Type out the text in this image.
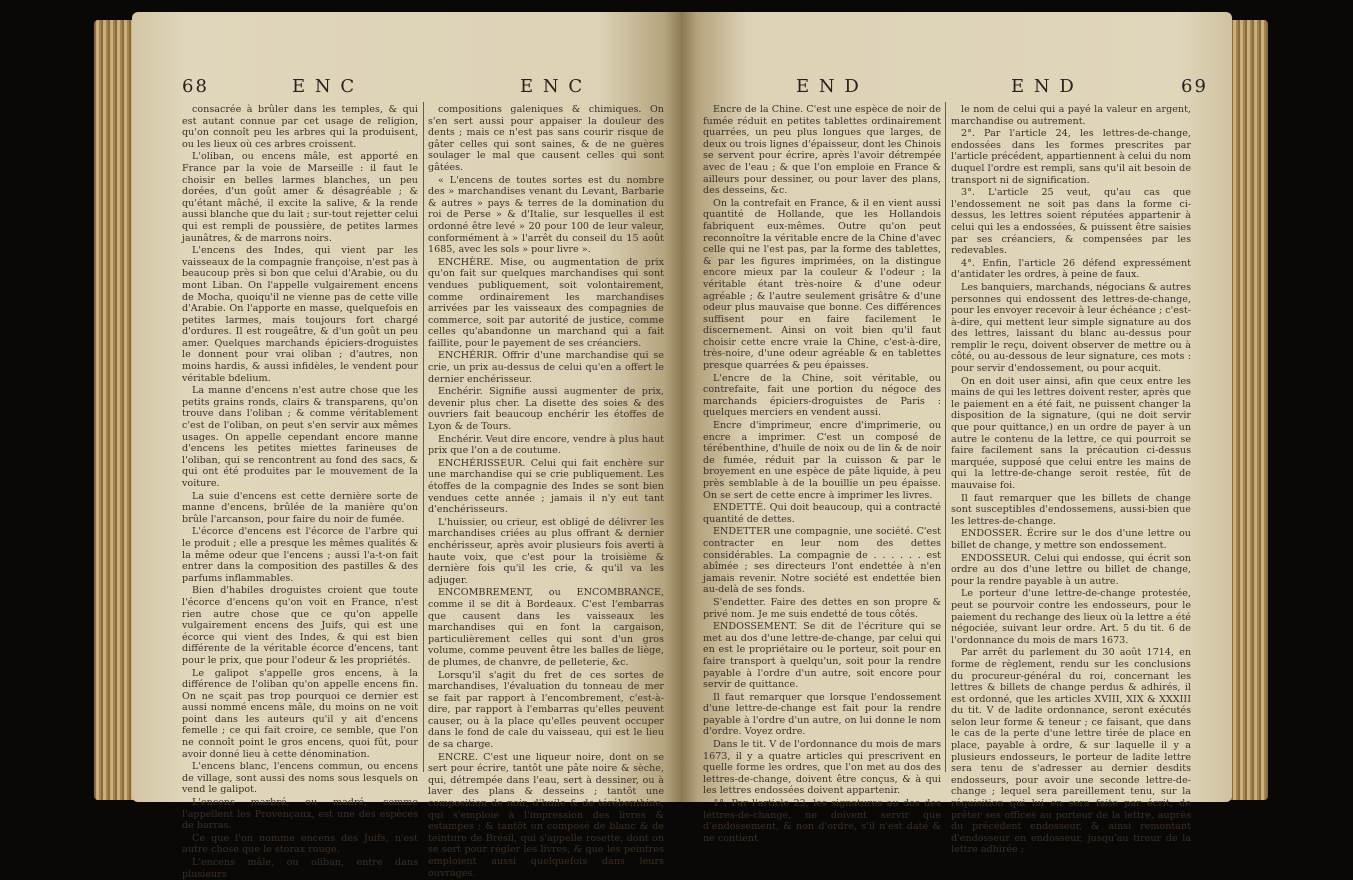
68	E N C	E N C

consacrée à brûler dans les temples, & qui est autant connue par cet usage de religion, qu'on connoît peu les arbres qui la produisent, ou les lieux où ces arbres croissent.

L'oliban, ou encens mâle, est apporté en France par la voie de Marseille : il faut le choisir en belles larmes blanches, un peu dorées, d'un goût amer & désagréable ; & qu'étant mâché, il excite la salive, & la rende aussi blanche que du lait ; sur-tout rejetter celui qui est rempli de poussière, de petites larmes jaunâtres, & de marrons noirs.

L'encens des Indes, qui vient par les vaisseaux de la compagnie françoise, n'est pas à beaucoup près si bon que celui d'Arabie, ou du mont Liban. On l'appelle vulgairement encens de Mocha, quoiqu'il ne vienne pas de cette ville d'Arabie. On l'apporte en masse, quelquefois en petites larmes, mais toujours fort chargé d'ordures. Il est rougeâtre, & d'un goût un peu amer. Quelques marchands épiciers-droguistes le donnent pour vrai oliban ; d'autres, non moins hardis, & aussi infidèles, le vendent pour véritable bdelium.

La manne d'encens n'est autre chose que les petits grains ronds, clairs & transparens, qu'on trouve dans l'oliban ; & comme véritablement c'est de l'oliban, on peut s'en servir aux mêmes usages. On appelle cependant encore manne d'encens les petites miettes farineuses de l'oliban, qui se rencontrent au fond des sacs, & qui ont été produites par le mouvement de la voiture.

La suie d'encens est cette dernière sorte de manne d'encens, brûlée de la manière qu'on brûle l'arcanson, pour faire du noir de fumée.

L'écorce d'encens est l'écorce de l'arbre qui le produit ; elle a presque les mêmes qualités & la même odeur que l'encens ; aussi l'a-t-on fait entrer dans la composition des pastilles & des parfums inflammables.

Bien d'habiles droguistes croient que toute l'écorce d'encens qu'on voit en France, n'est rien autre chose que ce qu'on appelle vulgairement encens des Juifs, qui est une écorce qui vient des Indes, & qui est bien différente de la véritable écorce d'encens, tant pour le prix, que pour l'odeur & les propriétés.

Le galipot s'appelle gros encens, à la différence de l'oliban qu'on appelle encens fin. On ne sçait pas trop pourquoi ce dernier est aussi nommé encens mâle, du moins on ne voit point dans les auteurs qu'il y ait d'encens femelle ; ce qui fait croire, ce semble, que l'on ne connoît point le gros encens, quoi fût, pour avoir donné lieu à cette dénomination.

L'encens blanc, l'encens commun, ou encens de village, sont aussi des noms sous lesquels on vend le galipot.

L'encens marbré, ou madré, comme l'appellent les Provençaux, est une des espèces de barras.

Ce que l'on nomme encens des Juifs, n'est autre chose que le storax rouge.

L'encens mâle, ou oliban, entre dans plusieurs

compositions galeniques & chimiques. On s'en sert aussi pour appaiser la douleur des dents ; mais ce n'est pas sans courir risque de gâter celles qui sont saines, & de ne guères soulager le mal que causent celles qui sont gâtées.

« L'encens de toutes sortes est du nombre des » marchandises venant du Levant, Barbarie & autres » pays & terres de la domination du roi de Perse » & d'Italie, sur lesquelles il est ordonné être levé » 20 pour 100 de leur valeur, conformément à » l'arrêt du conseil du 15 août 1685, avec les sols » pour livre ».

ENCHÈRE. Mise, ou augmentation de prix qu'on fait sur quelques marchandises qui sont vendues publiquement, soit volontairement, comme ordinairement les marchandises arrivées par les vaisseaux des compagnies de commerce, soit par autorité de justice, comme celles qu'abandonne un marchand qui a fait faillite, pour le payement de ses créanciers.

ENCHÉRIR. Offrir d'une marchandise qui se crie, un prix au-dessus de celui qu'en a offert le dernier enchérisseur.

Enchérir. Signifie aussi augmenter de prix, devenir plus cher. La disette des soies & des ouvriers fait beaucoup enchérir les étoffes de Lyon & de Tours.

Enchérir. Veut dire encore, vendre à plus haut prix que l'on a de coutume.

ENCHÉRISSEUR. Celui qui fait enchère sur une marchandise qui se crie publiquement. Les étoffes de la compagnie des Indes se sont bien vendues cette année ; jamais il n'y eut tant d'enchérisseurs.

L'huissier, ou crieur, est obligé de délivrer les marchandises criées au plus offrant & dernier enchérisseur, après avoir plusieurs fois averti à haute voix, que c'est pour la troisième & dernière fois qu'il les crie, & qu'il va les adjuger.

ENCOMBREMENT, ou ENCOMBRANCE, comme il se dit à Bordeaux. C'est l'embarras que causent dans les vaisseaux les marchandises qui en font la cargaison, particulièrement celles qui sont d'un gros volume, comme peuvent être les balles de liège, de plumes, de chanvre, de pelleterie, &c.

Lorsqu'il s'agit du fret de ces sortes de marchandises, l'évaluation du tonneau de mer se fait par rapport à l'encombrement, c'est-à-dire, par rapport à l'embarras qu'elles peuvent causer, ou à la place qu'elles peuvent occuper dans le fond de cale du vaisseau, qui est le lieu de sa charge.

ENCRE. C'est une liqueur noire, dont on se sert pour écrire, tantôt une pâte noire & sèche, qui, détrempée dans l'eau, sert à dessiner, ou à laver des plans & desseins ; tantôt une composition de noir, d'huile & de térébenthine, qui s'emploie à l'impression des livres & estampes ; & tantôt un composé de blanc & de teinture de Brésil, qui s'appelle rosette, dont on se sert pour régler les livres, & que les peintres emploient aussi quelquefois dans leurs ouvrages.

E N D	E N D	69

Encre de la Chine. C'est une espèce de noir de fumée réduit en petites tablettes ordinairement quarrées, un peu plus longues que larges, de deux ou trois lignes d'épaisseur, dont les Chinois se servent pour écrire, après l'avoir détrempée avec de l'eau ; & que l'on emploie en France & ailleurs pour dessiner, ou pour laver des plans, des desseins, &c.

On la contrefait en France, & il en vient aussi quantité de Hollande, que les Hollandois fabriquent eux-mêmes. Outre qu'on peut reconnoître la véritable encre de la Chine d'avec celle qui ne l'est pas, par la forme des tablettes, & par les figures imprimées, on la distingue encore mieux par la couleur & l'odeur ; la véritable étant très-noire & d'une odeur agréable ; & l'autre seulement grisâtre & d'une odeur plus mauvaise que bonne. Ces différences suffisent pour en faire facilement le discernement. Ainsi on voit bien qu'il faut choisir cette encre vraie la Chine, c'est-à-dire, très-noire, d'une odeur agréable & en tablettes presque quarrées & peu épaisses.

L'encre de la Chine, soit véritable, ou contrefaite, fait une portion du négoce des marchands épiciers-droguistes de Paris : quelques merciers en vendent aussi.

Encre d'imprimeur, encre d'imprimerie, ou encre a imprimer. C'est un composé de térébenthine, d'huile de noix ou de lin & de noir de fumée, réduit par la cuisson & par le broyement en une espèce de pâte liquide, à peu près semblable à de la bouillie un peu épaisse. On se sert de cette encre à imprimer les livres.

ENDETTÉ. Qui doit beaucoup, qui a contracté quantité de dettes.

ENDETTER une compagnie, une société. C'est contracter en leur nom des dettes considérables. La compagnie de . . . . . . est abîmée ; ses directeurs l'ont endettée à n'en jamais revenir. Notre société est endettée bien au-delà de ses fonds.

S'endetter. Faire des dettes en son propre & privé nom. Je me suis endetté de tous côtés.

ENDOSSEMENT. Se dit de l'écriture qui se met au dos d'une lettre-de-change, par celui qui en est le propriétaire ou le porteur, soit pour en faire transport à quelqu'un, soit pour la rendre payable à l'ordre d'un autre, soit encore pour servir de quittance.

Il faut remarquer que lorsque l'endossement d'une lettre-de-change est fait pour la rendre payable à l'ordre d'un autre, on lui donne le nom d'ordre. Voyez ordre.

Dans le tit. V de l'ordonnance du mois de mars 1673, il y a quatre articles qui prescrivent en quelle forme les ordres, que l'on met au dos des lettres-de-change, doivent être conçus, & à qui les lettres endossées doivent appartenir.

1°. Par l'article 23, les signatures au dos des lettres-de-change, ne doivent servir que d'endossement, & non d'ordre, s'il n'est daté & ne contient

le nom de celui qui a payé la valeur en argent, marchandise ou autrement.

2°. Par l'article 24, les lettres-de-change, endossées dans les formes prescrites par l'article précédent, appartiennent à celui du nom duquel l'ordre est rempli, sans qu'il ait besoin de transport ni de signification.

3°. L'article 25 veut, qu'au cas que l'endossement ne soit pas dans la forme ci-dessus, les lettres soient réputées appartenir à celui qui les a endossées, & puissent être saisies par ses créanciers, & compensées par les redevables.

4°. Enfin, l'article 26 défend expressément d'antidater les ordres, à peine de faux.

Les banquiers, marchands, négocians & autres personnes qui endossent des lettres-de-change, pour les envoyer recevoir à leur échéance ; c'est-à-dire, qui mettent leur simple signature au dos des lettres, laissant du blanc au-dessus pour remplir le reçu, doivent observer de mettre ou à côté, ou au-dessous de leur signature, ces mots : pour servir d'endossement, ou pour acquit.

On en doit user ainsi, afin que ceux entre les mains de qui les lettres doivent rester, après que le paiement en a été fait, ne puissent changer la disposition de la signature, (qui ne doit servir que pour quittance,) en un ordre de payer à un autre le contenu de la lettre, ce qui pourroit se faire facilement sans la précaution ci-dessus marquée, supposé que celui entre les mains de qui la lettre-de-change seroit restée, fût de mauvaise foi.

Il faut remarquer que les billets de change sont susceptibles d'endossemens, aussi-bien que les lettres-de-change.

ENDOSSER. Écrire sur le dos d'une lettre ou billet de change, y mettre son endossement.

ENDOSSEUR. Celui qui endosse, qui écrit son ordre au dos d'une lettre ou billet de change, pour la rendre payable à un autre.

Le porteur d'une lettre-de-change protestée, peut se pourvoir contre les endosseurs, pour le paiement du rechange des lieux où la lettre a été négociée, suivant leur ordre. Art. 5 du tit. 6 de l'ordonnance du mois de mars 1673.

Par arrêt du parlement du 30 août 1714, en forme de règlement, rendu sur les conclusions du procureur-général du roi, concernant les lettres & billets de change perdus & adhirés, il est ordonné, que les articles XVIII, XIX & XXXIII du tit. V de ladite ordonnance, seront exécutés selon leur forme & teneur ; ce faisant, que dans le cas de la perte d'une lettre tirée de place en place, payable à ordre, & sur laquelle il y a plusieurs endosseurs, le porteur de ladite lettre sera tenu de s'adresser au dernier desdits endosseurs, pour avoir une seconde lettre-de-change ; lequel sera pareillement tenu, sur la réquisition qui lui en sera faite par écrit, de prêter ses offices au porteur de la lettre, auprès du précédent endosseur, & ainsi remontant d'endosseur en endosseur, jusqu'au tireur de la lettre adhirée ;
